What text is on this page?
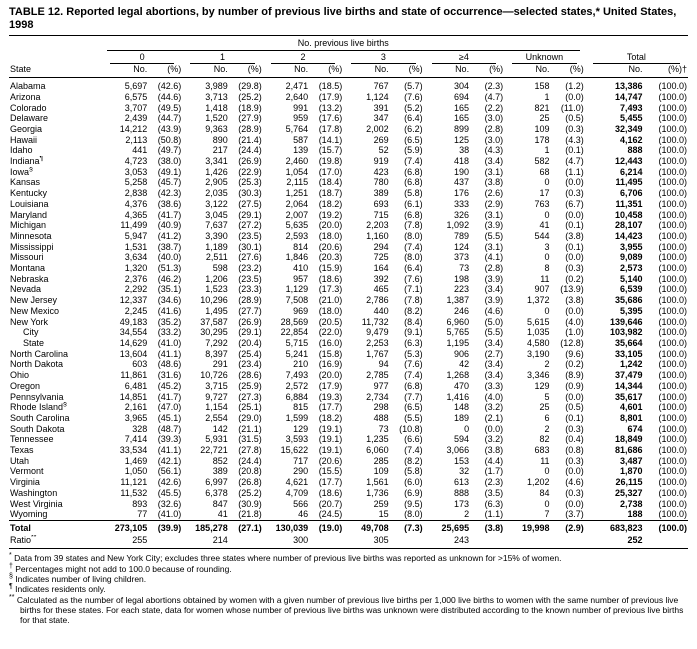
TABLE 12. Reported legal abortions, by number of previous live births and state of occurrence—selected states,* United States, 1998

	No. previous live births													

	0		1		2		3		≥4		Unknown		Total	

State	No.	(%)	No.	(%)	No.	(%)	No.	(%)	No.	(%)	No.	(%)	No.	(%)†
Alabama	5,697	(42.6)	3,989	(29.8)	2,471	(18.5)	767	(5.7)	304	(2.3)	158	(1.2)	13,386	(100.0)
Arizona	6,575	(44.6)	3,713	(25.2)	2,640	(17.9)	1,124	(7.6)	694	(4.7)	1	(0.0)	14,747	(100.0)
Colorado	3,707	(49.5)	1,418	(18.9)	991	(13.2)	391	(5.2)	165	(2.2)	821	(11.0)	7,493	(100.0)
Delaware	2,439	(44.7)	1,520	(27.9)	959	(17.6)	347	(6.4)	165	(3.0)	25	(0.5)	5,455	(100.0)
Georgia	14,212	(43.9)	9,363	(28.9)	5,764	(17.8)	2,002	(6.2)	899	(2.8)	109	(0.3)	32,349	(100.0)
Hawaii	2,113	(50.8)	890	(21.4)	587	(14.1)	269	(6.5)	125	(3.0)	178	(4.3)	4,162	(100.0)
Idaho	441	(49.7)	217	(24.4)	139	(15.7)	52	(5.9)	38	(4.3)	1	(0.1)	888	(100.0)
Indiana¶	4,723	(38.0)	3,341	(26.9)	2,460	(19.8)	919	(7.4)	418	(3.4)	582	(4.7)	12,443	(100.0)
Iowa§	3,053	(49.1)	1,426	(22.9)	1,054	(17.0)	423	(6.8)	190	(3.1)	68	(1.1)	6,214	(100.0)
Kansas	5,258	(45.7)	2,905	(25.3)	2,115	(18.4)	780	(6.8)	437	(3.8)	0	(0.0)	11,495	(100.0)
Kentucky	2,838	(42.3)	2,035	(30.3)	1,251	(18.7)	389	(5.8)	176	(2.6)	17	(0.3)	6,706	(100.0)
Louisiana	4,376	(38.6)	3,122	(27.5)	2,064	(18.2)	693	(6.1)	333	(2.9)	763	(6.7)	11,351	(100.0)
Maryland	4,365	(41.7)	3,045	(29.1)	2,007	(19.2)	715	(6.8)	326	(3.1)	0	(0.0)	10,458	(100.0)
Michigan	11,499	(40.9)	7,637	(27.2)	5,635	(20.0)	2,203	(7.8)	1,092	(3.9)	41	(0.1)	28,107	(100.0)
Minnesota	5,947	(41.2)	3,390	(23.5)	2,593	(18.0)	1,160	(8.0)	789	(5.5)	544	(3.8)	14,423	(100.0)
Mississippi	1,531	(38.7)	1,189	(30.1)	814	(20.6)	294	(7.4)	124	(3.1)	3	(0.1)	3,955	(100.0)
Missouri	3,634	(40.0)	2,511	(27.6)	1,846	(20.3)	725	(8.0)	373	(4.1)	0	(0.0)	9,089	(100.0)
Montana	1,320	(51.3)	598	(23.2)	410	(15.9)	164	(6.4)	73	(2.8)	8	(0.3)	2,573	(100.0)
Nebraska	2,376	(46.2)	1,206	(23.5)	957	(18.6)	392	(7.6)	198	(3.9)	11	(0.2)	5,140	(100.0)
Nevada	2,292	(35.1)	1,523	(23.3)	1,129	(17.3)	465	(7.1)	223	(3.4)	907	(13.9)	6,539	(100.0)
New Jersey	12,337	(34.6)	10,296	(28.9)	7,508	(21.0)	2,786	(7.8)	1,387	(3.9)	1,372	(3.8)	35,686	(100.0)
New Mexico	2,245	(41.6)	1,495	(27.7)	969	(18.0)	440	(8.2)	246	(4.6)	0	(0.0)	5,395	(100.0)
New York	49,183	(35.2)	37,587	(26.9)	28,569	(20.5)	11,732	(8.4)	6,960	(5.0)	5,615	(4.0)	139,646	(100.0)
City	34,554	(33.2)	30,295	(29.1)	22,854	(22.0)	9,479	(9.1)	5,765	(5.5)	1,035	(1.0)	103,982	(100.0)
State	14,629	(41.0)	7,292	(20.4)	5,715	(16.0)	2,253	(6.3)	1,195	(3.4)	4,580	(12.8)	35,664	(100.0)
North Carolina	13,604	(41.1)	8,397	(25.4)	5,241	(15.8)	1,767	(5.3)	906	(2.7)	3,190	(9.6)	33,105	(100.0)
North Dakota	603	(48.6)	291	(23.4)	210	(16.9)	94	(7.6)	42	(3.4)	2	(0.2)	1,242	(100.0)
Ohio	11,861	(31.6)	10,726	(28.6)	7,493	(20.0)	2,785	(7.4)	1,268	(3.4)	3,346	(8.9)	37,479	(100.0)
Oregon	6,481	(45.2)	3,715	(25.9)	2,572	(17.9)	977	(6.8)	470	(3.3)	129	(0.9)	14,344	(100.0)
Pennsylvania	14,851	(41.7)	9,727	(27.3)	6,884	(19.3)	2,734	(7.7)	1,416	(4.0)	5	(0.0)	35,617	(100.0)
Rhode Island§	2,161	(47.0)	1,154	(25.1)	815	(17.7)	298	(6.5)	148	(3.2)	25	(0.5)	4,601	(100.0)
South Carolina	3,965	(45.1)	2,554	(29.0)	1,599	(18.2)	488	(5.5)	189	(2.1)	6	(0.1)	8,801	(100.0)
South Dakota	328	(48.7)	142	(21.1)	129	(19.1)	73	(10.8)	0	(0.0)	2	(0.3)	674	(100.0)
Tennessee	7,414	(39.3)	5,931	(31.5)	3,593	(19.1)	1,235	(6.6)	594	(3.2)	82	(0.4)	18,849	(100.0)
Texas	33,534	(41.1)	22,721	(27.8)	15,622	(19.1)	6,060	(7.4)	3,066	(3.8)	683	(0.8)	81,686	(100.0)
Utah	1,469	(42.1)	852	(24.4)	717	(20.6)	285	(8.2)	153	(4.4)	11	(0.3)	3,487	(100.0)
Vermont	1,050	(56.1)	389	(20.8)	290	(15.5)	109	(5.8)	32	(1.7)	0	(0.0)	1,870	(100.0)
Virginia	11,121	(42.6)	6,997	(26.8)	4,621	(17.7)	1,561	(6.0)	613	(2.3)	1,202	(4.6)	26,115	(100.0)
Washington	11,532	(45.5)	6,378	(25.2)	4,709	(18.6)	1,736	(6.9)	888	(3.5)	84	(0.3)	25,327	(100.0)
West Virginia	893	(32.6)	847	(30.9)	566	(20.7)	259	(9.5)	173	(6.3)	0	(0.0)	2,738	(100.0)
Wyoming	77	(41.0)	41	(21.8)	46	(24.5)	15	(8.0)	2	(1.1)	7	(3.7)	188	(100.0)
Total	273,105	(39.9)	185,278	(27.1)	130,039	(19.0)	49,708	(7.3)	25,695	(3.8)	19,998	(2.9)	683,823	(100.0)
Ratio**	255		214		300		305		243				252	
* Data from 39 states and New York City; excludes three states where number of previous live births was reported as unknown for >15% of women.
† Percentages might not add to 100.0 because of rounding.
§ Indicates number of living children.
¶ Indicates residents only.
** Calculated as the number of legal abortions obtained by women with a given number of previous live births per 1,000 live births to women with the same number of previous live births for these states. For each state, data for women whose number of previous live births was unknown were distributed according to the known number of previous live births for that state.
